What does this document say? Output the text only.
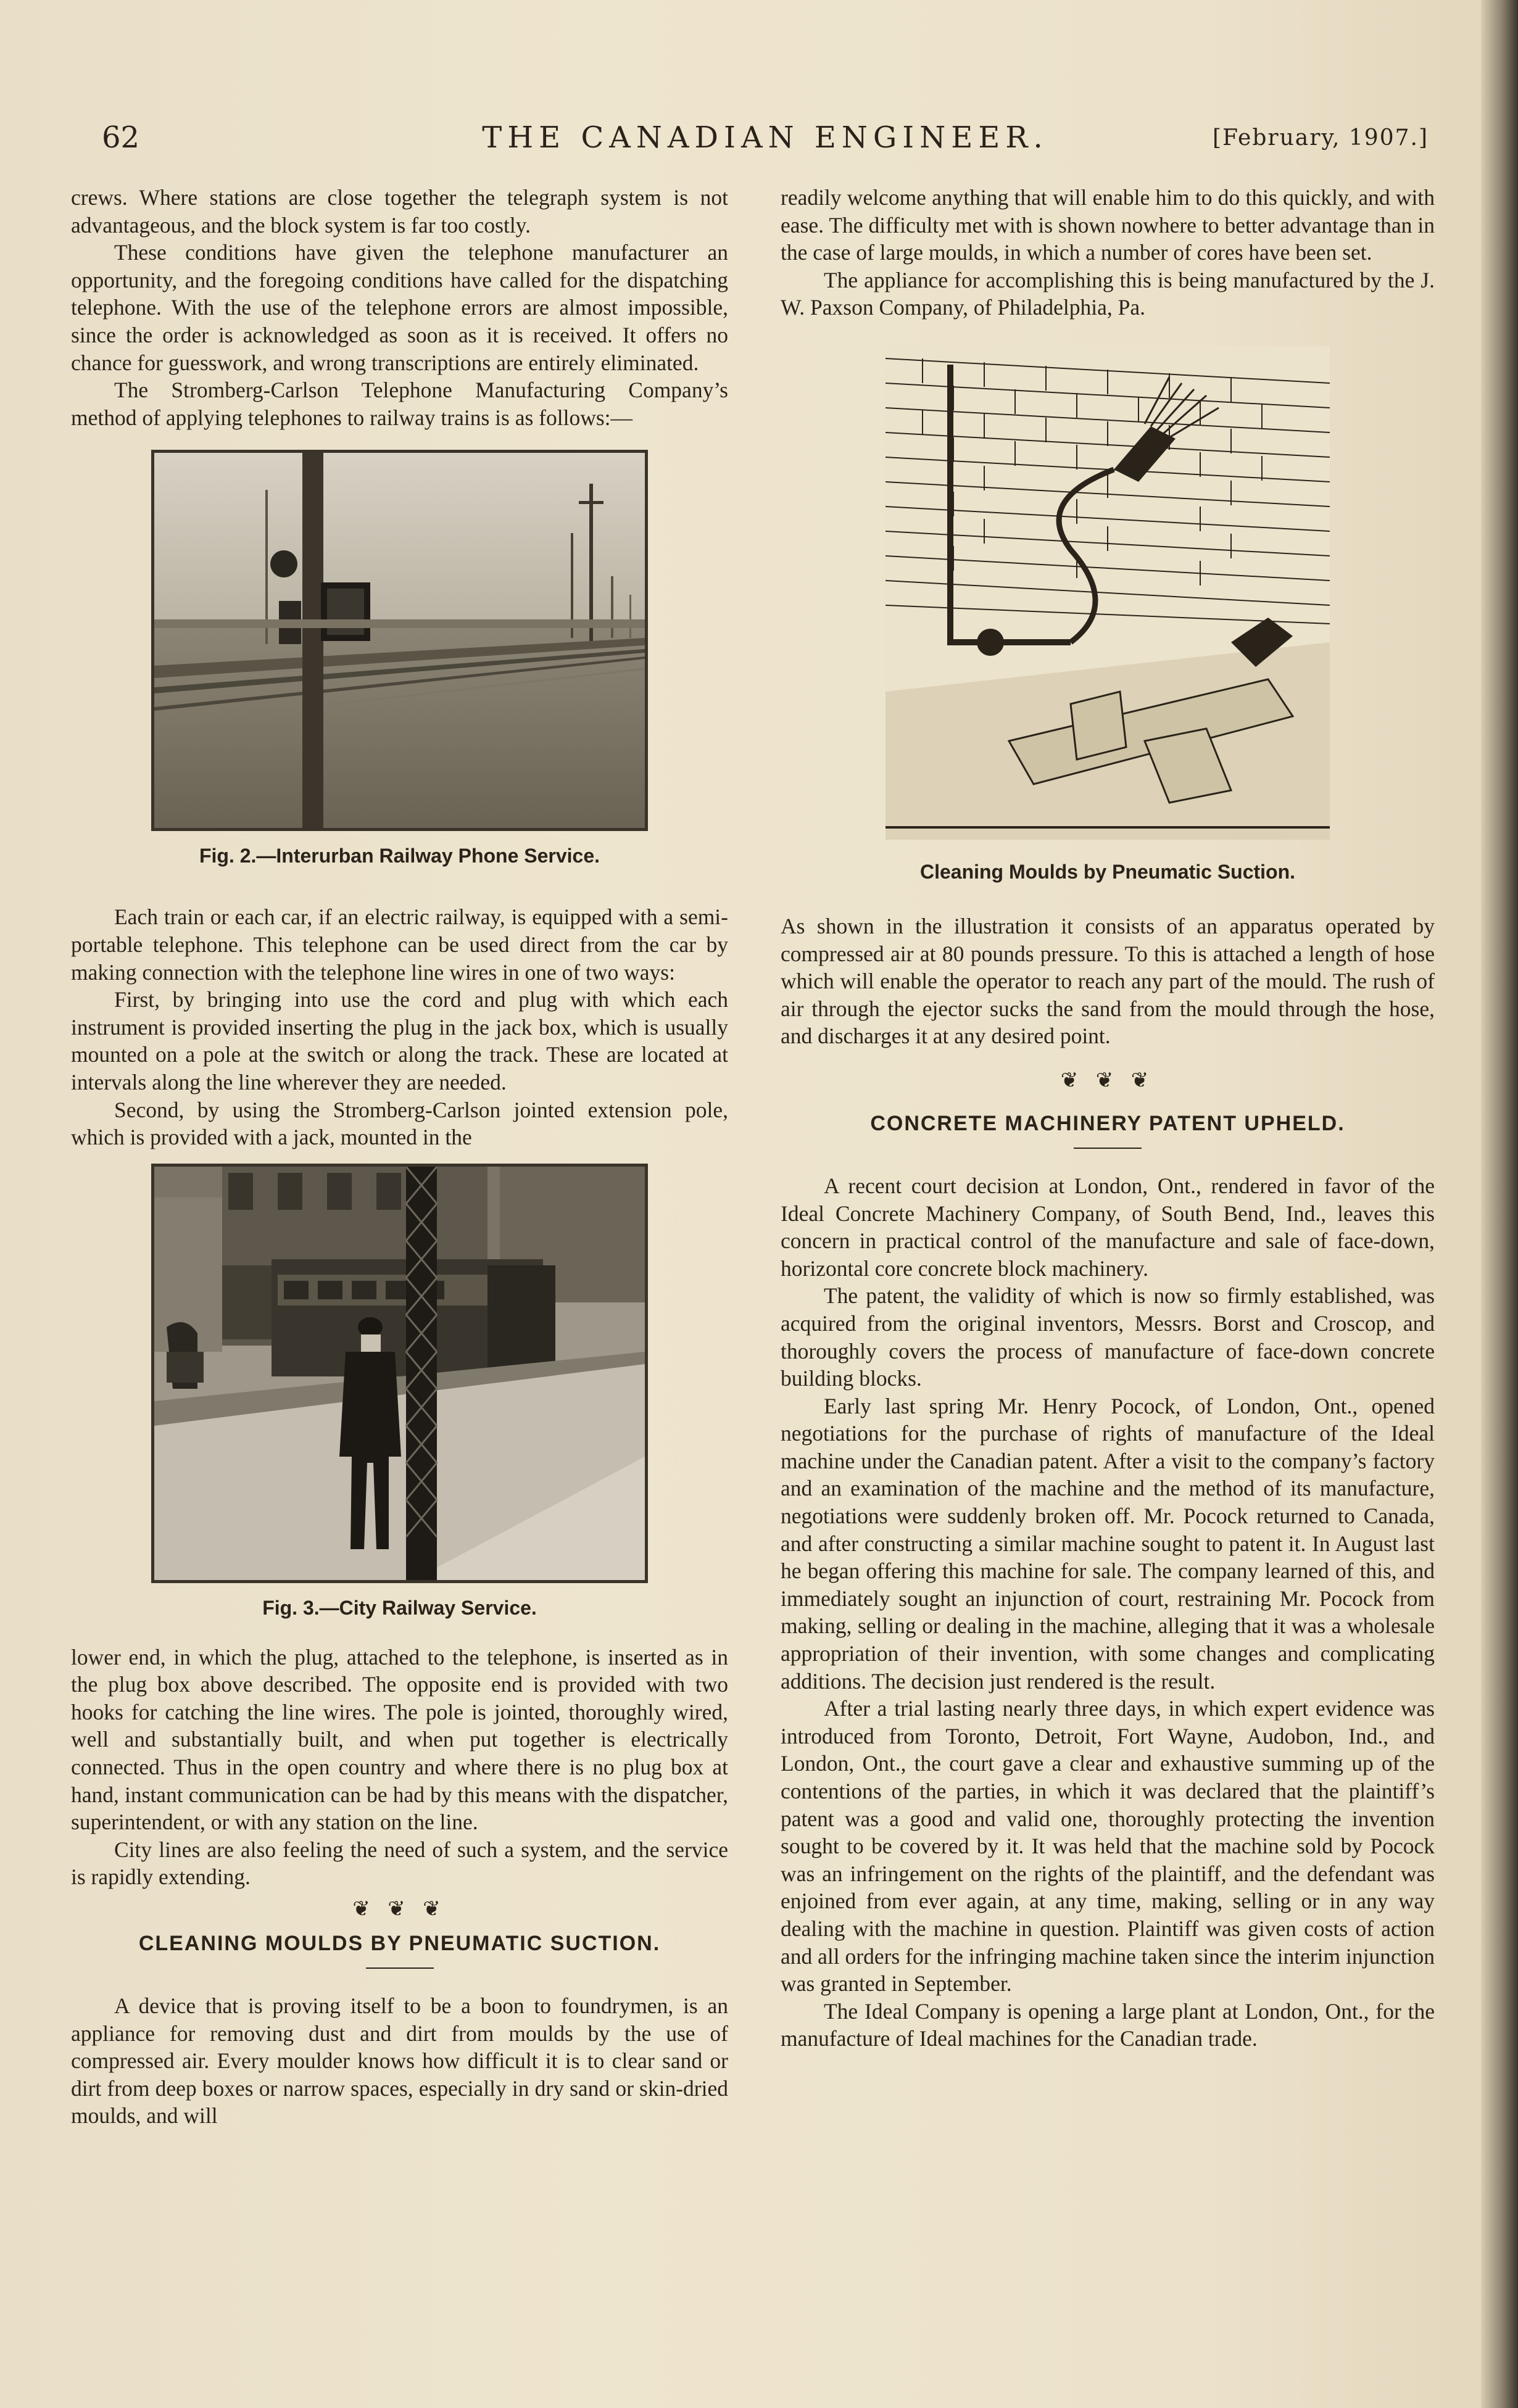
62	THE CANADIAN ENGINEER.	[February, 1907.]

crews. Where stations are close together the telegraph system is not advantageous, and the block system is far too costly.

These conditions have given the telephone manufacturer an opportunity, and the foregoing conditions have called for the dispatching telephone. With the use of the telephone errors are almost impossible, since the order is acknowledged as soon as it is received. It offers no chance for guesswork, and wrong transcriptions are entirely eliminated.

The Stromberg-Carlson Telephone Manufacturing Company’s method of applying telephones to railway trains is as follows:—

Fig. 2.—Interurban Railway Phone Service.

Each train or each car, if an electric railway, is equipped with a semi-portable telephone. This telephone can be used direct from the car by making connection with the telephone line wires in one of two ways:

First, by bringing into use the cord and plug with which each instrument is provided inserting the plug in the jack box, which is usually mounted on a pole at the switch or along the track. These are located at intervals along the line wherever they are needed.

Second, by using the Stromberg-Carlson jointed extension pole, which is provided with a jack, mounted in the

Fig. 3.—City Railway Service.

lower end, in which the plug, attached to the telephone, is inserted as in the plug box above described. The opposite end is provided with two hooks for catching the line wires. The pole is jointed, thoroughly wired, well and substantially built, and when put together is electrically connected. Thus in the open country and where there is no plug box at hand, instant communication can be had by this means with the dispatcher, superintendent, or with any station on the line.

City lines are also feeling the need of such a system, and the service is rapidly extending.

❦ ❦ ❦
CLEANING MOULDS BY PNEUMATIC SUCTION.

A device that is proving itself to be a boon to foundrymen, is an appliance for removing dust and dirt from moulds by the use of compressed air. Every moulder knows how difficult it is to clear sand or dirt from deep boxes or narrow spaces, especially in dry sand or skin-dried moulds, and will

readily welcome anything that will enable him to do this quickly, and with ease. The difficulty met with is shown nowhere to better advantage than in the case of large moulds, in which a number of cores have been set.

The appliance for accomplishing this is being manufactured by the J. W. Paxson Company, of Philadelphia, Pa.

Cleaning Moulds by Pneumatic Suction.

As shown in the illustration it consists of an apparatus operated by compressed air at 80 pounds pressure. To this is attached a length of hose which will enable the operator to reach any part of the mould. The rush of air through the ejector sucks the sand from the mould through the hose, and discharges it at any desired point.

❦ ❦ ❦
CONCRETE MACHINERY PATENT UPHELD.

A recent court decision at London, Ont., rendered in favor of the Ideal Concrete Machinery Company, of South Bend, Ind., leaves this concern in practical control of the manufacture and sale of face-down, horizontal core concrete block machinery.

The patent, the validity of which is now so firmly established, was acquired from the original inventors, Messrs. Borst and Croscop, and thoroughly covers the process of manufacture of face-down concrete building blocks.

Early last spring Mr. Henry Pocock, of London, Ont., opened negotiations for the purchase of rights of manufacture of the Ideal machine under the Canadian patent. After a visit to the company’s factory and an examination of the machine and the method of its manufacture, negotiations were suddenly broken off. Mr. Pocock returned to Canada, and after constructing a similar machine sought to patent it. In August last he began offering this machine for sale. The company learned of this, and immediately sought an injunction of court, restraining Mr. Pocock from making, selling or dealing in the machine, alleging that it was a wholesale appropriation of their invention, with some changes and complicating additions. The decision just rendered is the result.

After a trial lasting nearly three days, in which expert evidence was introduced from Toronto, Detroit, Fort Wayne, Audobon, Ind., and London, Ont., the court gave a clear and exhaustive summing up of the contentions of the parties, in which it was declared that the plaintiff’s patent was a good and valid one, thoroughly protecting the invention sought to be covered by it. It was held that the machine sold by Pocock was an infringement on the rights of the plaintiff, and the defendant was enjoined from ever again, at any time, making, selling or in any way dealing with the machine in question. Plaintiff was given costs of action and all orders for the infringing machine taken since the interim injunction was granted in September.

The Ideal Company is opening a large plant at London, Ont., for the manufacture of Ideal machines for the Canadian trade.
